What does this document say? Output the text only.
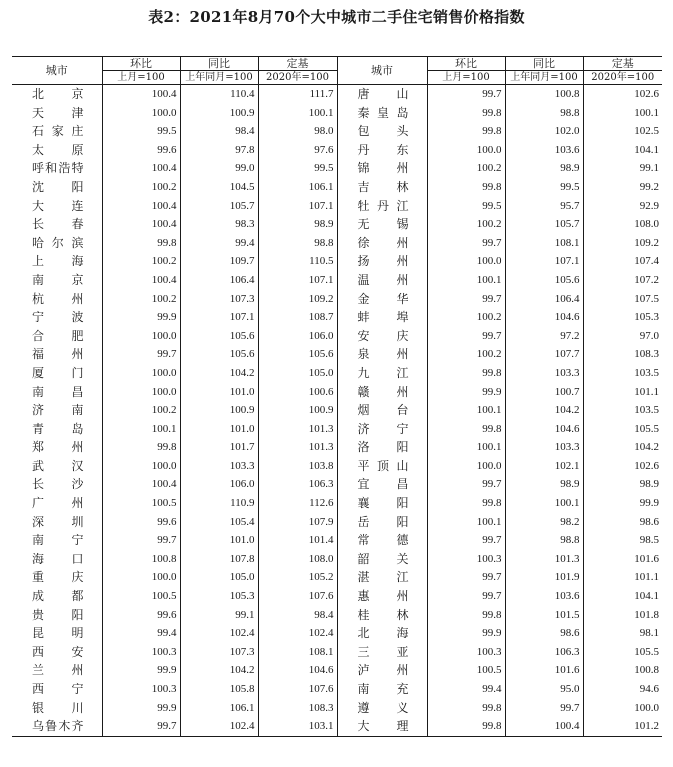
表2：2021年8月70个大中城市二手住宅销售价格指数
城市	环比	同比	定基	城市	环比	同比	定基
	上月=100	上年同月=100	2020年=100		上月=100	上年同月=100	2020年=100

北 京	100.4	110.4	111.7	唐 山	99.7	100.8	102.6

天 津	100.0	100.9	100.1	秦 皇 岛	99.8	98.8	100.1

石 家 庄	99.5	98.4	98.0	包 头	99.8	102.0	102.5

太 原	99.6	97.8	97.6	丹 东	100.0	103.6	104.1

呼 和 浩 特	100.4	99.0	99.5	锦 州	100.2	98.9	99.1

沈 阳	100.2	104.5	106.1	吉 林	99.8	99.5	99.2

大 连	100.4	105.7	107.1	牡 丹 江	99.5	95.7	92.9

长 春	100.4	98.3	98.9	无 锡	100.2	105.7	108.0

哈 尔 滨	99.8	99.4	98.8	徐 州	99.7	108.1	109.2

上 海	100.2	109.7	110.5	扬 州	100.0	107.1	107.4

南 京	100.4	106.4	107.1	温 州	100.1	105.6	107.2

杭 州	100.2	107.3	109.2	金 华	99.7	106.4	107.5

宁 波	99.9	107.1	108.7	蚌 埠	100.2	104.6	105.3

合 肥	100.0	105.6	106.0	安 庆	99.7	97.2	97.0

福 州	99.7	105.6	105.6	泉 州	100.2	107.7	108.3

厦 门	100.0	104.2	105.0	九 江	99.8	103.3	103.5

南 昌	100.0	101.0	100.6	赣 州	99.9	100.7	101.1

济 南	100.2	100.9	100.9	烟 台	100.1	104.2	103.5

青 岛	100.1	101.0	101.3	济 宁	99.8	104.6	105.5

郑 州	99.8	101.7	101.3	洛 阳	100.1	103.3	104.2

武 汉	100.0	103.3	103.8	平 顶 山	100.0	102.1	102.6

长 沙	100.4	106.0	106.3	宜 昌	99.7	98.9	98.9

广 州	100.5	110.9	112.6	襄 阳	99.8	100.1	99.9

深 圳	99.6	105.4	107.9	岳 阳	100.1	98.2	98.6

南 宁	99.7	101.0	101.4	常 德	99.7	98.8	98.5

海 口	100.8	107.8	108.0	韶 关	100.3	101.3	101.6

重 庆	100.0	105.0	105.2	湛 江	99.7	101.9	101.1

成 都	100.5	105.3	107.6	惠 州	99.7	103.6	104.1

贵 阳	99.6	99.1	98.4	桂 林	99.8	101.5	101.8

昆 明	99.4	102.4	102.4	北 海	99.9	98.6	98.1

西 安	100.3	107.3	108.1	三 亚	100.3	106.3	105.5

兰 州	99.9	104.2	104.6	泸 州	100.5	101.6	100.8

西 宁	100.3	105.8	107.6	南 充	99.4	95.0	94.6

银 川	99.9	106.1	108.3	遵 义	99.8	99.7	100.0

乌 鲁 木 齐	99.7	102.4	103.1	大 理	99.8	100.4	101.2
